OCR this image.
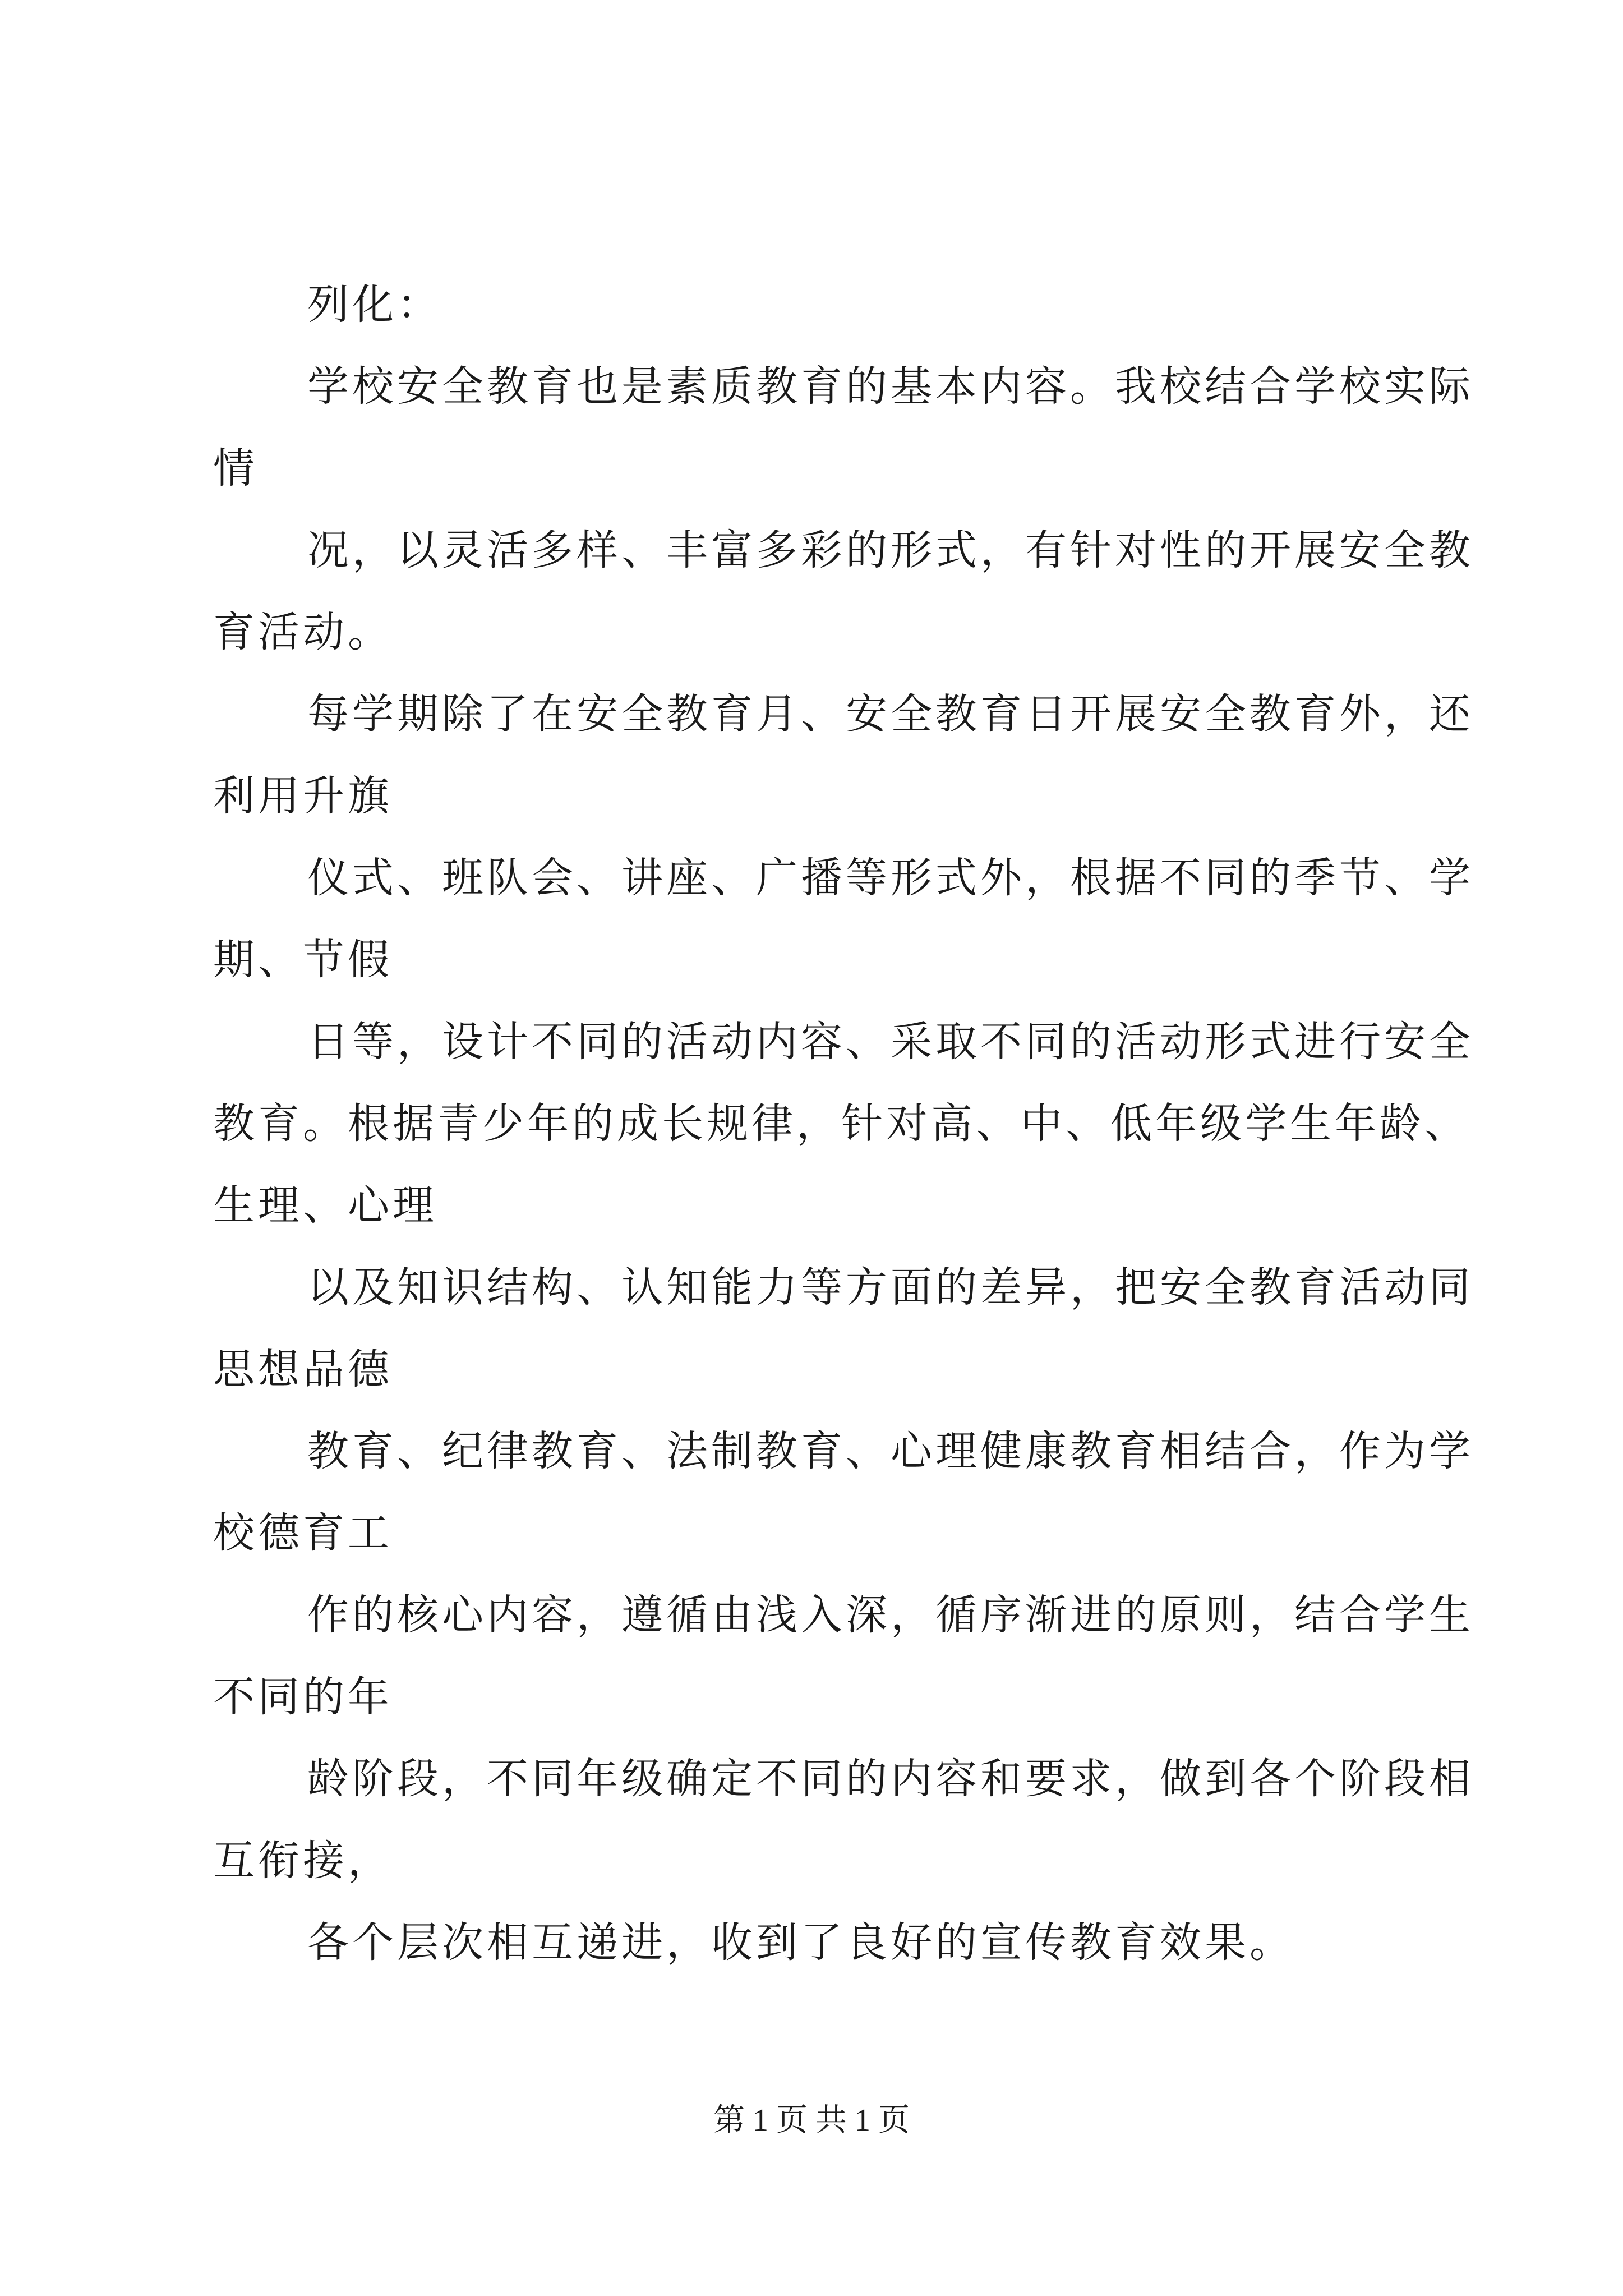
列化：

学校安全教育也是素质教育的基本内容。我校结合学校实际

情

况，以灵活多样、丰富多彩的形式，有针对性的开展安全教

育活动。

每学期除了在安全教育月、安全教育日开展安全教育外，还

利用升旗

仪式、班队会、讲座、广播等形式外，根据不同的季节、学

期、节假

日等，设计不同的活动内容、采取不同的活动形式进行安全

教育。根据青少年的成长规律，针对高、中、低年级学生年龄、

生理、心理

以及知识结构、认知能力等方面的差异，把安全教育活动同

思想品德

教育、纪律教育、法制教育、心理健康教育相结合，作为学

校德育工

作的核心内容，遵循由浅入深，循序渐进的原则，结合学生

不同的年

龄阶段，不同年级确定不同的内容和要求，做到各个阶段相

互衔接，

各个层次相互递进，收到了良好的宣传教育效果。

第 1 页 共 1 页
